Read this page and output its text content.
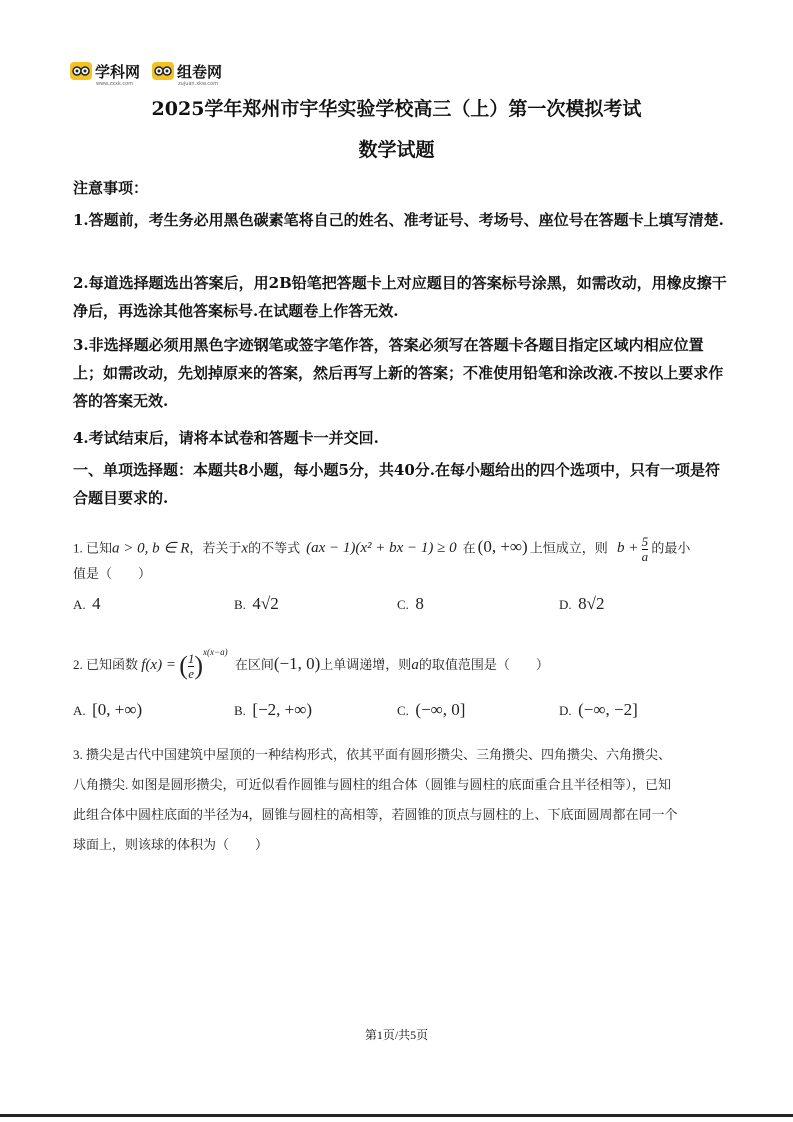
学科网
www.zxxk.com
组卷网
zujuan.xkw.com
2025学年郑州市宇华实验学校高三（上）第一次模拟考试
数学试题
注意事项：
1.答题前，考生务必用黑色碳素笔将自己的姓名、准考证号、考场号、座位号在答题卡上填写清楚.
2.每道选择题选出答案后，用2B铅笔把答题卡上对应题目的答案标号涂黑，如需改动，用橡皮擦干净后，再选涂其他答案标号.在试题卷上作答无效.
3.非选择题必须用黑色字迹钢笔或签字笔作答，答案必须写在答题卡各题目指定区域内相应位置上；如需改动，先划掉原来的答案，然后再写上新的答案；不准使用铅笔和涂改液.不按以上要求作答的答案无效.
4.考试结束后，请将本试卷和答题卡一并交回.
一、单项选择题：本题共8小题，每小题5分，共40分.在每小题给出的四个选项中，只有一项是符合题目要求的.
1. 已知a > 0, b ∈ R，若关于x的不等式 (ax − 1)(x² + bx − 1) ≥ 0 在 (0, +∞) 上恒成立，则 $b + \frac{5}{a}$ 的最小
值是（　　）
A. 4	B. 4√2	C. 8	D. 8√2
2. 已知函数 f(x) = ( $\frac{1}{e} )^{x(x-a)}$ 在区间(−1, 0)上单调递增，则a的取值范围是（　　）
A. [0, +∞)	B. [−2, +∞)	C. (−∞, 0]	D. (−∞, −2]
3. 攒尖是古代中国建筑中屋顶的一种结构形式，依其平面有圆形攒尖、三角攒尖、四角攒尖、六角攒尖、
八角攒尖. 如图是圆形攒尖，可近似看作圆锥与圆柱的组合体（圆锥与圆柱的底面重合且半径相等），已知
此组合体中圆柱底面的半径为4，圆锥与圆柱的高相等，若圆锥的顶点与圆柱的上、下底面圆周都在同一个
球面上，则该球的体积为（　　）
第1页/共5页
